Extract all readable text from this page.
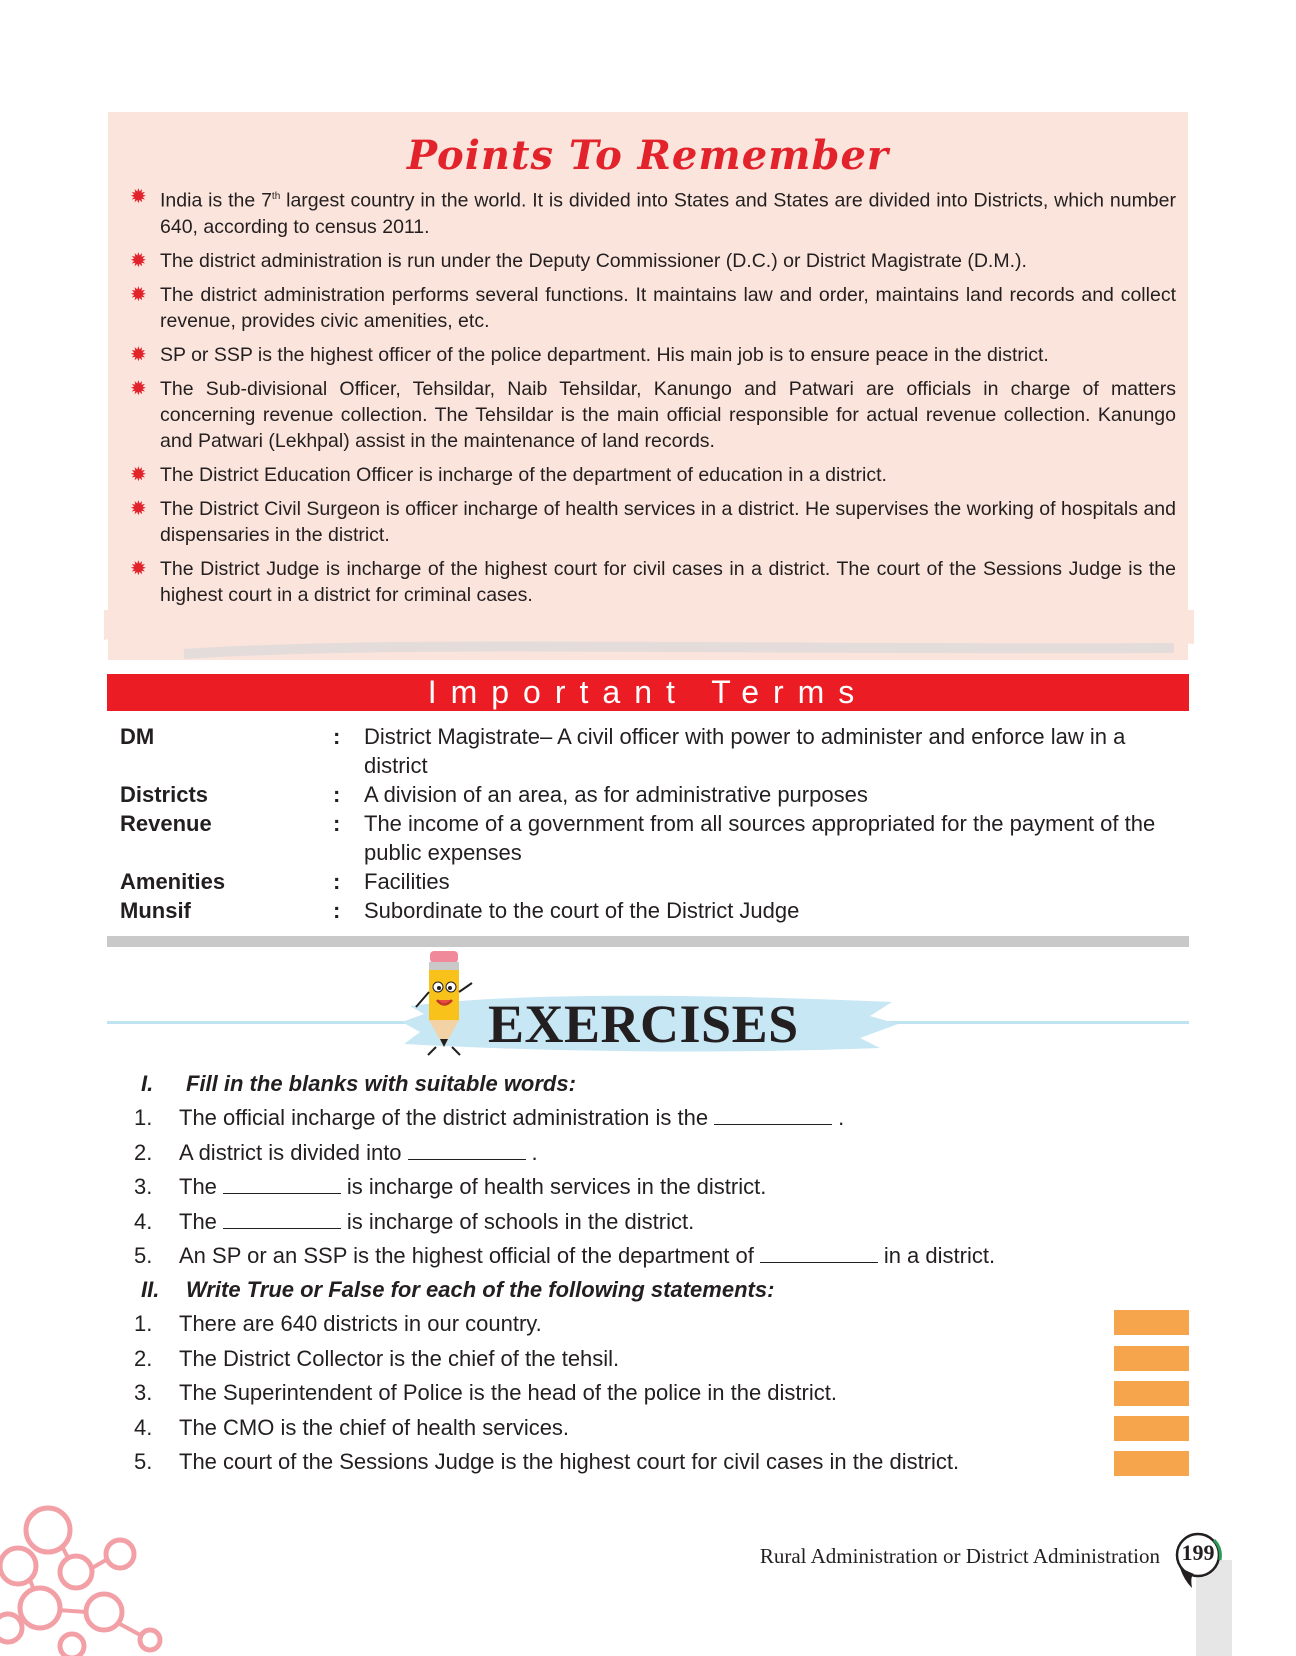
Points To Remember
✹ India is the 7th largest country in the world. It is divided into States and States are divided into Districts, which number 640, according to census 2011.
✹ The district administration is run under the Deputy Commissioner (D.C.) or District Magistrate (D.M.).
✹ The district administration performs several functions. It maintains law and order, maintains land records and collect revenue, provides civic amenities, etc.
✹ SP or SSP is the highest officer of the police department. His main job is to ensure peace in the district.
✹ The Sub-divisional Officer, Tehsildar, Naib Tehsildar, Kanungo and Patwari are officials in charge of matters concerning revenue collection. The Tehsildar is the main official responsible for actual revenue collection. Kanungo and Patwari (Lekhpal) assist in the maintenance of land records.
✹ The District Education Officer is incharge of the department of education in a district.
✹ The District Civil Surgeon is officer incharge of health services in a district. He supervises the working of hospitals and dispensaries in the district.
✹ The District Judge is incharge of the highest court for civil cases in a district. The court of the Sessions Judge is the highest court in a district for criminal cases.
Important Terms
DM	: District Magistrate– A civil officer with power to administer and enforce law in a district
Districts	: A division of an area, as for administrative purposes
Revenue	: The income of a government from all sources appropriated for the payment of the public expenses
Amenities	: Facilities
Munsif	: Subordinate to the court of the District Judge
EXERCISES
I. Fill in the blanks with suitable words:
1. The official incharge of the district administration is the	.
2. A district is divided into	.
3. The	is incharge of health services in the district.
4. The	is incharge of schools in the district.
5. An SP or an SSP is the highest official of the department of	in a district.
II. Write True or False for each of the following statements:
1. There are 640 districts in our country.
2. The District Collector is the chief of the tehsil.
3. The Superintendent of Police is the head of the police in the district.
4. The CMO is the chief of health services.
5. The court of the Sessions Judge is the highest court for civil cases in the district.
Rural Administration or District Administration 199
